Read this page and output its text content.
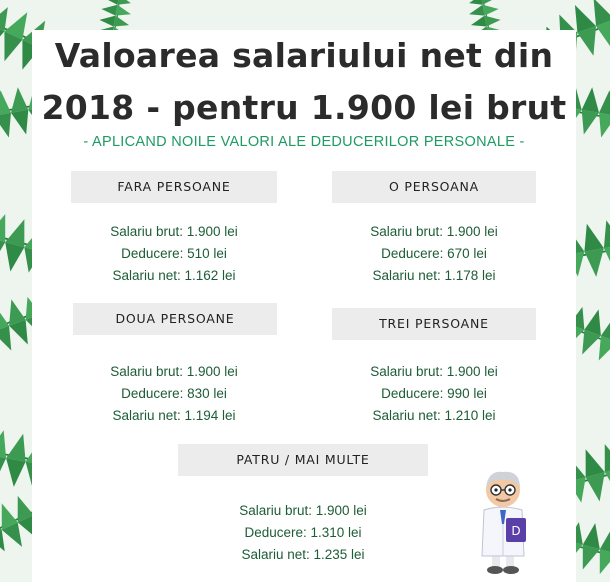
Valoarea salariului net din
2018 - pentru 1.900 lei brut
- APLICAND NOILE VALORI ALE DEDUCERILOR PERSONALE -
FARA PERSOANE
Salariu brut: 1.900 lei
Deducere: 510 lei
Salariu net: 1.162 lei
O PERSOANA
Salariu brut: 1.900 lei
Deducere: 670 lei
Salariu net: 1.178 lei
DOUA PERSOANE
Salariu brut: 1.900 lei
Deducere: 830 lei
Salariu net: 1.194 lei
TREI PERSOANE
Salariu brut: 1.900 lei
Deducere: 990 lei
Salariu net: 1.210 lei
PATRU / MAI MULTE
Salariu brut: 1.900 lei
Deducere: 1.310 lei
Salariu net: 1.235 lei
D
